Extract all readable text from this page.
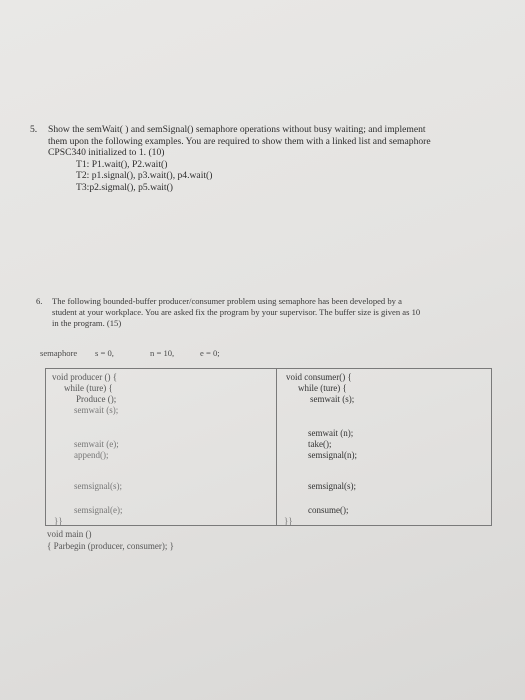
5. Show the semWait( ) and semSignal() semaphore operations without busy waiting; and implement
them upon the following examples. You are required to show them with a linked list and semaphore
CPSC340 initialized to 1. (10)
T1: P1.wait(), P2.wait()
T2: p1.signal(), p3.wait(), p4.wait()
T3:p2.sigmal(), p5.wait()
6. The following bounded-buffer producer/consumer problem using semaphore has been developed by a
student at your workplace. You are asked fix the program by your supervisor. The buffer size is given as 10
in the program. (15)
semaphore s = 0,	n = 10,	e = 0;
void producer () {
while (ture) {
Produce ();
semwait (s);
semwait (e);
append();
semsignal(s);
semsignal(e);
}}
void consumer() {
while (ture) {
semwait (s);
semwait (n);
take();
semsignal(n);
semsignal(s);
consume();
}}
void main ()
{ Parbegin (producer, consumer); }
